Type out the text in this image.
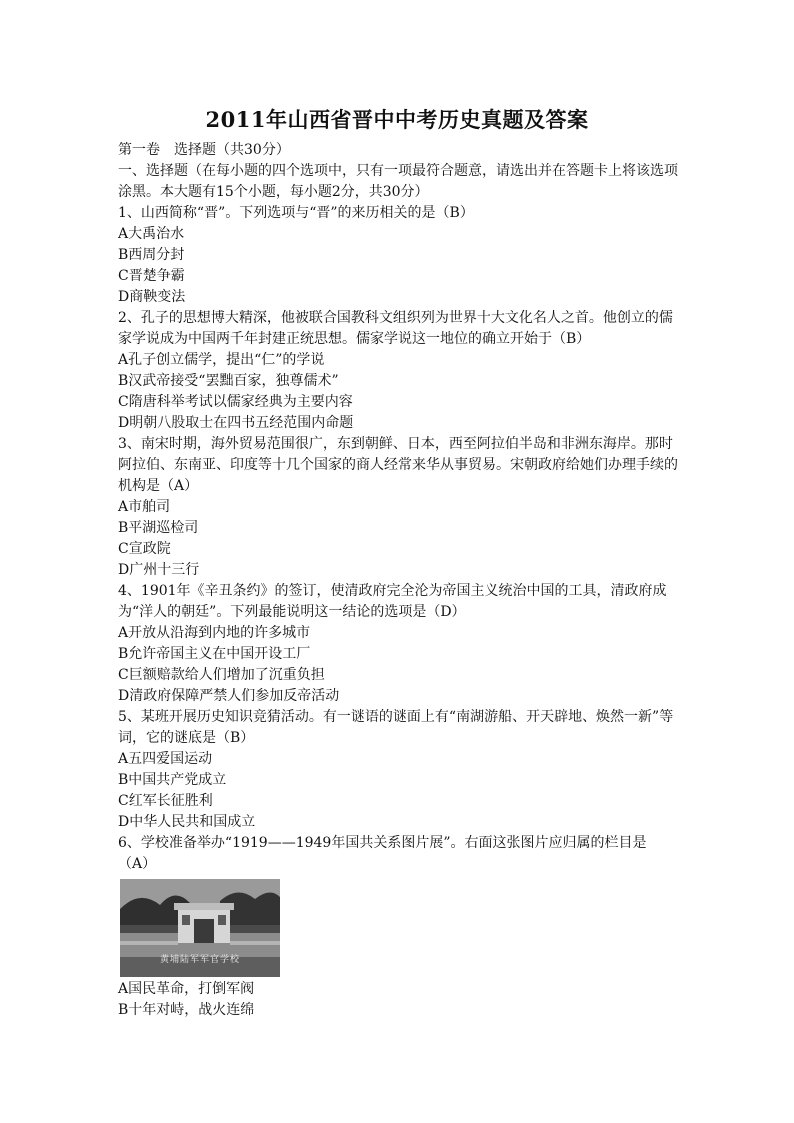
2011年山西省晋中中考历史真题及答案
第一卷　选择题（共30分）
一、选择题（在每小题的四个选项中，只有一项最符合题意，请选出并在答题卡上将该选项涂黑。本大题有15个小题，每小题2分，共30分）
1、山西简称“晋”。下列选项与“晋”的来历相关的是（B）
A大禹治水
B西周分封
C晋楚争霸
D商鞅变法
2、孔子的思想博大精深，他被联合国教科文组织列为世界十大文化名人之首。他创立的儒家学说成为中国两千年封建正统思想。儒家学说这一地位的确立开始于（B）
A孔子创立儒学，提出“仁”的学说
B汉武帝接受“罢黜百家，独尊儒术”
C隋唐科举考试以儒家经典为主要内容
D明朝八股取士在四书五经范围内命题
3、南宋时期，海外贸易范围很广，东到朝鲜、日本，西至阿拉伯半岛和非洲东海岸。那时阿拉伯、东南亚、印度等十几个国家的商人经常来华从事贸易。宋朝政府给她们办理手续的机构是（A）
A市舶司
B平湖巡检司
C宣政院
D广州十三行
4、1901年《辛丑条约》的签订，使清政府完全沦为帝国主义统治中国的工具，清政府成为“洋人的朝廷”。下列最能说明这一结论的选项是（D）
A开放从沿海到内地的许多城市
B允许帝国主义在中国开设工厂
C巨额赔款给人们增加了沉重负担
D清政府保障严禁人们参加反帝活动
5、某班开展历史知识竞猜活动。有一谜语的谜面上有“南湖游船、开天辟地、焕然一新”等词，它的谜底是（B）
A五四爱国运动
B中国共产党成立
C红军长征胜利
D中华人民共和国成立
6、学校准备举办“1919——1949年国共关系图片展”。右面这张图片应归属的栏目是
（A）
黄埔陆军军官学校
A国民革命，打倒军阀
B十年对峙，战火连绵
